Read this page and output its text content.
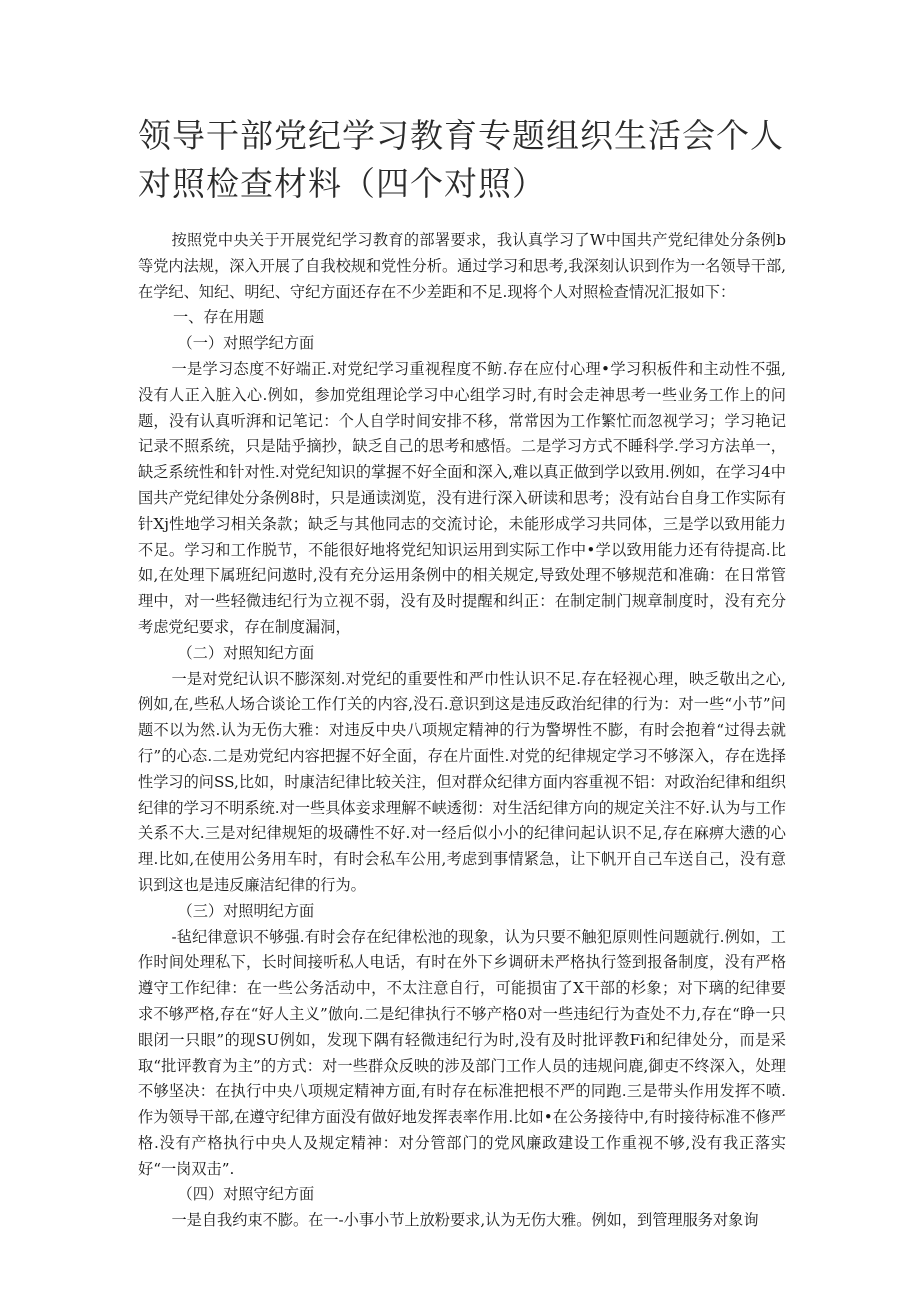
领导干部党纪学习教育专题组织生活会个人对照检查材料（四个对照）

按照党中央关于开展党纪学习教育的部署要求，我认真学习了W中国共产党纪律处分条例b等党内法规，深入开展了自我校规和党性分析。通过学习和思考,我深刻认识到作为一名领导干部,在学纪、知纪、明纪、守纪方面还存在不少差距和不足.现将个人对照检查情况汇报如下：

一、存在用题

（一）对照学纪方面

一是学习态度不好端正.对党纪学习重视程度不鲂.存在应付心理•学习积板件和主动性不强,没有人正入脏入心.例如，参加党组理论学习中心组学习时,有时会走神思考一些业务工作上的问题，没有认真听湃和记笔记：个人自学时间安排不移，常常因为工作繁忙而忽视学习；学习艳记记录不照系统，只是陆乎摘抄，缺乏自己的思考和感悟。二是学习方式不睡科学.学习方法单一，缺乏系统性和针对性.对党纪知识的掌握不好全面和深入,难以真正做到学以致用.例如，在学习4中国共产党纪律处分条例8时，只是通读浏览，没有进行深入研读和思考；没有站台自身工作实际有针Xj性地学习相关条款；缺乏与其他同志的交流讨论，未能形成学习共同体，三是学以致用能力不足。学习和工作脱节，不能很好地将党纪知识运用到实际工作中•学以致用能力还有待提高.比如,在处理下属班纪问遨时,没有充分运用条例中的相关规定,导致处理不够规范和准确：在日常管理中，对一些轻微违纪行为立视不弱，没有及时提醒和纠正：在制定制门规章制度时，没有充分考虑党纪要求，存在制度漏洞，

（二）对照知纪方面

一是对党纪认识不膨深刻.对党纪的重要性和严巾性认识不足.存在轻视心理，映乏敬出之心,例如,在,些私人场合谈论工作仃关的内容,没石.意识到这是违反政治纪律的行为：对一些“小节”问题不以为然.认为无伤大雅：对违反中央八项规定精神的行为警堺性不膨，有时会抱着“过得去就行”的心态.二是劝党纪内容把握不好全面，存在片面性.对党的纪律规定学习不够深入，存在选择性学习的问SS,比如，时康洁纪律比较关注，但对群众纪律方面内容重视不铝：对政治纪律和组织纪律的学习不明系统.对一些具体妾求理解不峡透彻：对生活纪律方向的规定关注不好.认为与工作关系不大.三是对纪律规矩的圾礴性不好.对一经后似小小的纪律问起认识不足,存在麻痹大懑的心理.比如,在使用公务用车时，有时会私车公用,考虑到事情紧急，让下帆开自己车送自己，没有意识到这也是违反廉洁纪律的行为。

（三）对照明纪方面

-毡纪律意识不够强.有时会存在纪律松池的现象，认为只要不触犯原则性问题就行.例如，工作时间处理私下，长时间接听私人电话，有时在外下乡调研未严格执行签到报备制度，没有严格遵守工作纪律：在一些公务活动中，不太注意自行，可能损宙了X干部的杉象；对下璃的纪律要求不够严格,存在“好人主义”倣向.二是纪律执行不够产格0对一些违纪行为查处不力,存在“睁一只眼闭一只眼”的现SU例如，发现下隅有轻微违纪行为时,没有及时批评教Fi和纪律处分，而是采取“批评教育为主”的方式：对一些群众反映的涉及部门工作人员的违规问鹿,御吏不终深入，处理不够坚决：在执行中央八项规定精神方面,有时存在标准把根不严的同跑.三是带头作用发挥不喷.作为领导干部,在遵守纪律方面没有做好地发挥表率作用.比如•在公务接待中,有时接待标准不修严格.没有产格执行中央人及规定精神：对分管部门的党风廉政建设工作重视不够,没有我正落实好“一岗双击”.

（四）对照守纪方面

一是自我约束不膨。在一-小事小节上放粉要求,认为无伤大雅。例如，到管理服务对象询
